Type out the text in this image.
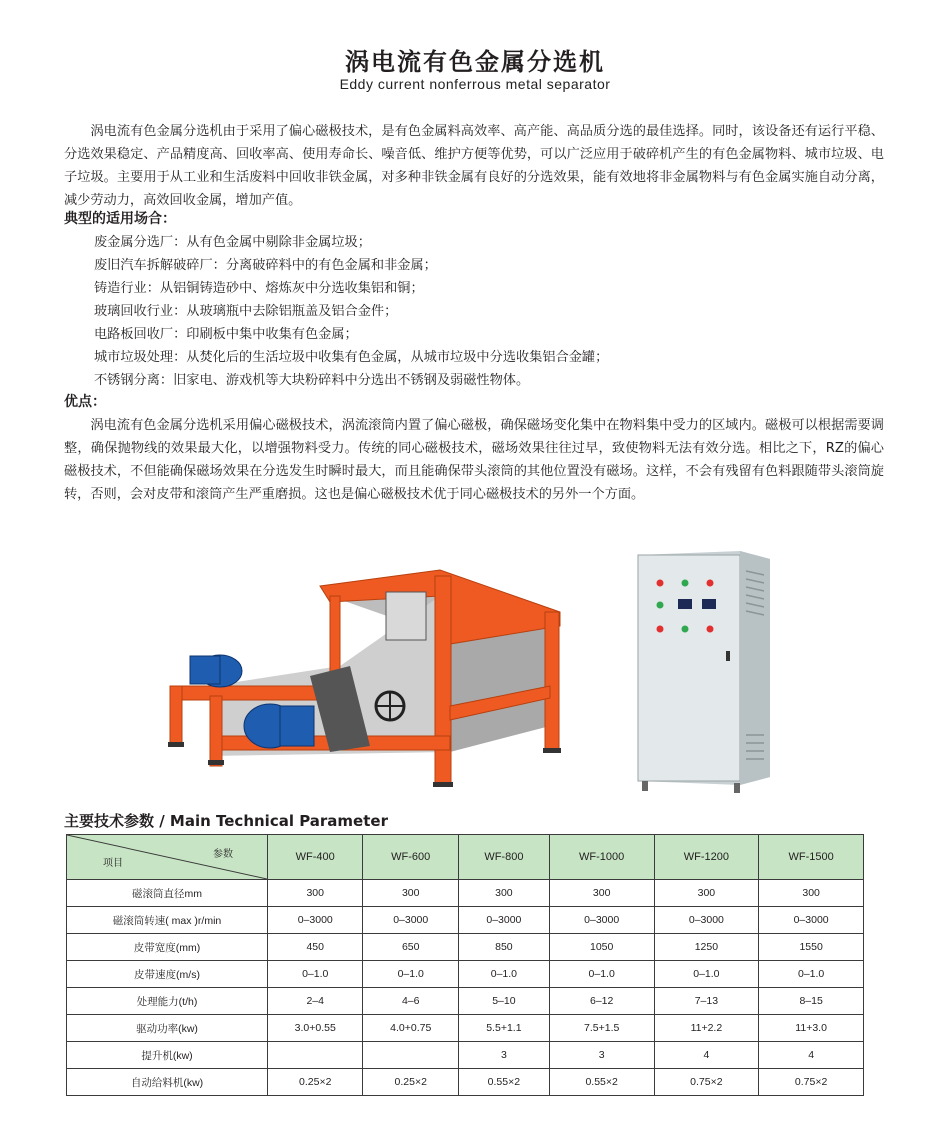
涡电流有色金属分选机
Eddy current nonferrous metal separator

涡电流有色金属分选机由于采用了偏心磁极技术，是有色金属料高效率、高产能、高品质分选的最佳选择。同时，该设备还有运行平稳、分选效果稳定、产品精度高、回收率高、使用寿命长、噪音低、维护方便等优势，可以广泛应用于破碎机产生的有色金属物料、城市垃圾、电子垃圾。主要用于从工业和生活废料中回收非铁金属，对多种非铁金属有良好的分选效果，能有效地将非金属物料与有色金属实施自动分离，减少劳动力，高效回收金属，增加产值。

典型的适用场合：

废金属分选厂：从有色金属中剔除非金属垃圾；
废旧汽车拆解破碎厂：分离破碎料中的有色金属和非金属；
铸造行业：从铝铜铸造砂中、熔炼灰中分选收集铝和铜；
玻璃回收行业：从玻璃瓶中去除铝瓶盖及铝合金件；
电路板回收厂：印刷板中集中收集有色金属；
城市垃圾处理：从焚化后的生活垃圾中收集有色金属，从城市垃圾中分选收集铝合金罐；
不锈钢分离：旧家电、游戏机等大块粉碎料中分选出不锈钢及弱磁性物体。

优点：

涡电流有色金属分选机采用偏心磁极技术，涡流滚筒内置了偏心磁极，确保磁场变化集中在物料集中受力的区域内。磁极可以根据需要调整，确保抛物线的效果最大化，以增强物料受力。传统的同心磁极技术，磁场效果往往过早，致使物料无法有效分选。相比之下，RZ的偏心磁极技术，不但能确保磁场效果在分选发生时瞬时最大，而且能确保带头滚筒的其他位置没有磁场。这样，不会有残留有色料跟随带头滚筒旋转，否则，会对皮带和滚筒产生严重磨损。这也是偏心磁极技术优于同心磁极技术的另外一个方面。

主要技术参数 / Main Technical Parameter
参数
项目	WF-400	WF-600	WF-800	WF-1000	WF-1200	WF-1500
磁滚筒直径mm	300	300	300	300	300	300
磁滚筒转速( max )r/min	0–3000	0–3000	0–3000	0–3000	0–3000	0–3000
皮带宽度(mm)	450	650	850	1050	1250	1550
皮带速度(m/s)	0–1.0	0–1.0	0–1.0	0–1.0	0–1.0	0–1.0
处理能力(t/h)	2–4	4–6	5–10	6–12	7–13	8–15
驱动功率(kw)	3.0+0.55	4.0+0.75	5.5+1.1	7.5+1.5	11+2.2	11+3.0
提升机(kw)			3	3	4	4
自动给料机(kw)	0.25×2	0.25×2	0.55×2	0.55×2	0.75×2	0.75×2
